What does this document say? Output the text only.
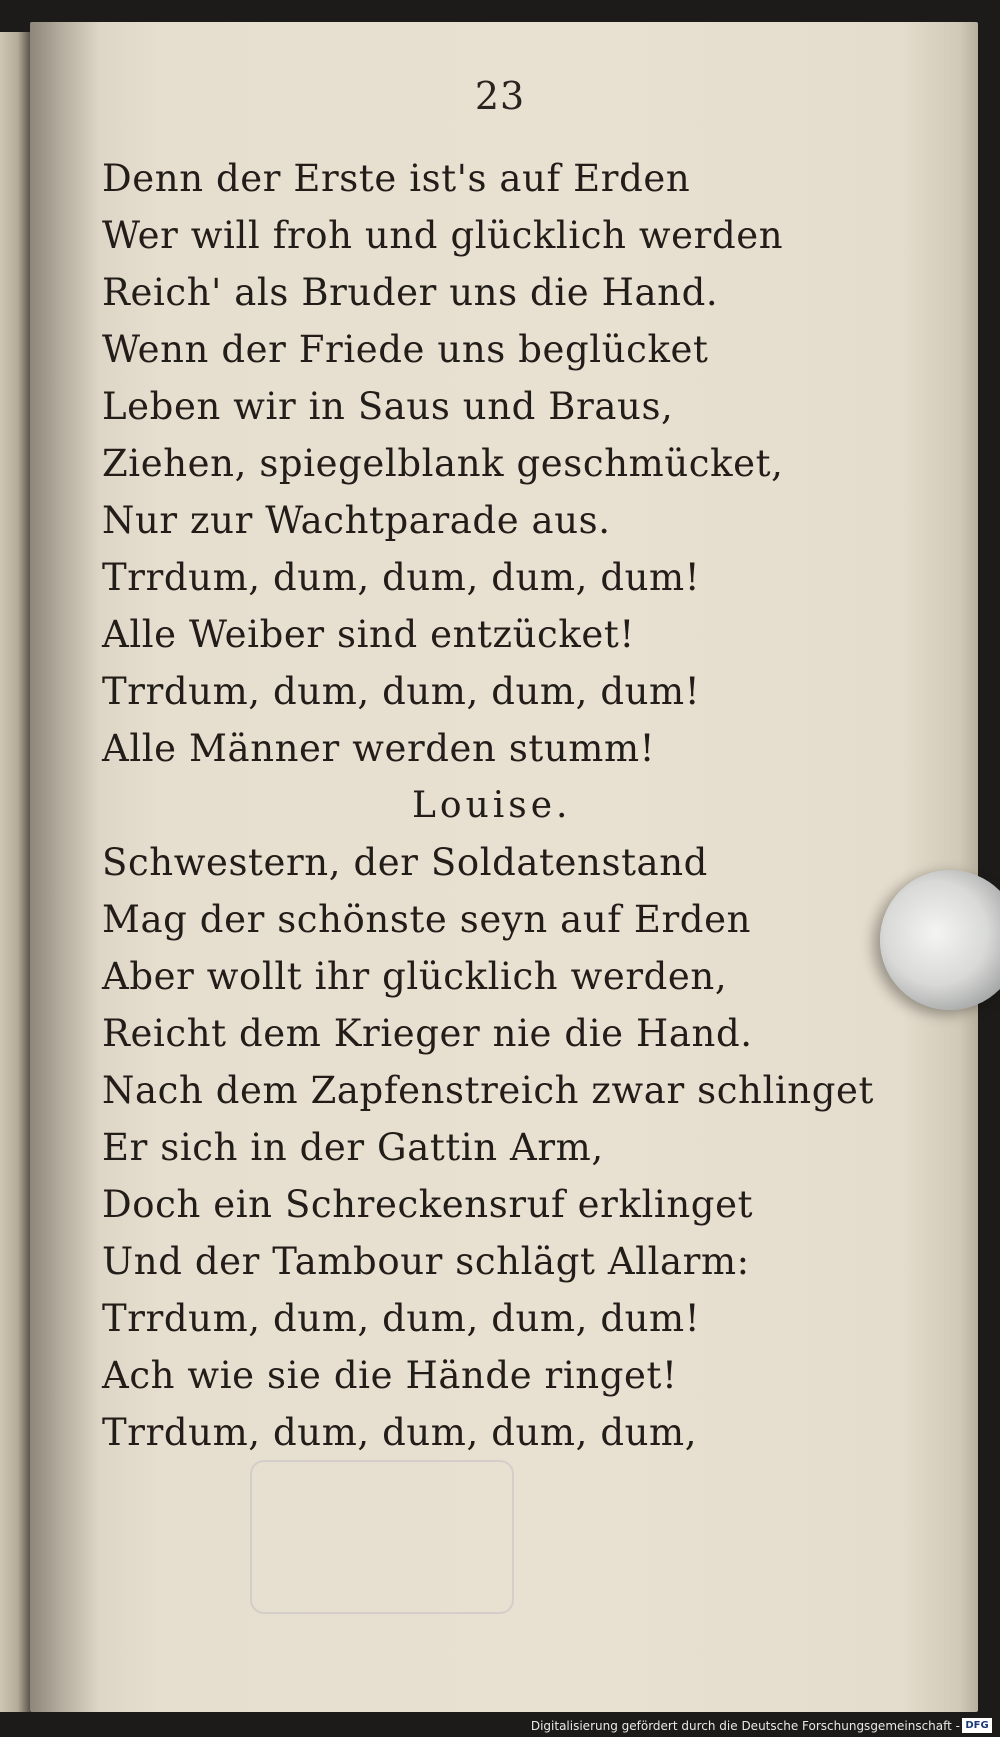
23
Denn der Erste ist's auf Erden
Wer will froh und glücklich werden
Reich' als Bruder uns die Hand.
Wenn der Friede uns beglücket
Leben wir in Saus und Braus,
Ziehen, spiegelblank geschmücket,
Nur zur Wachtparade aus.
Trrdum, dum, dum, dum, dum!
Alle Weiber sind entzücket!
Trrdum, dum, dum, dum, dum!
Alle Männer werden stumm!
Louise.
Schwestern, der Soldatenstand
Mag der schönste seyn auf Erden
Aber wollt ihr glücklich werden,
Reicht dem Krieger nie die Hand.
Nach dem Zapfenstreich zwar schlinget
Er sich in der Gattin Arm,
Doch ein Schreckensruf erklinget
Und der Tambour schlägt Allarm:
Trrdum, dum, dum, dum, dum!
Ach wie sie die Hände ringet!
Trrdum, dum, dum, dum, dum,
Digitalisierung gefördert durch die Deutsche Forschungsgemeinschaft - DFG
